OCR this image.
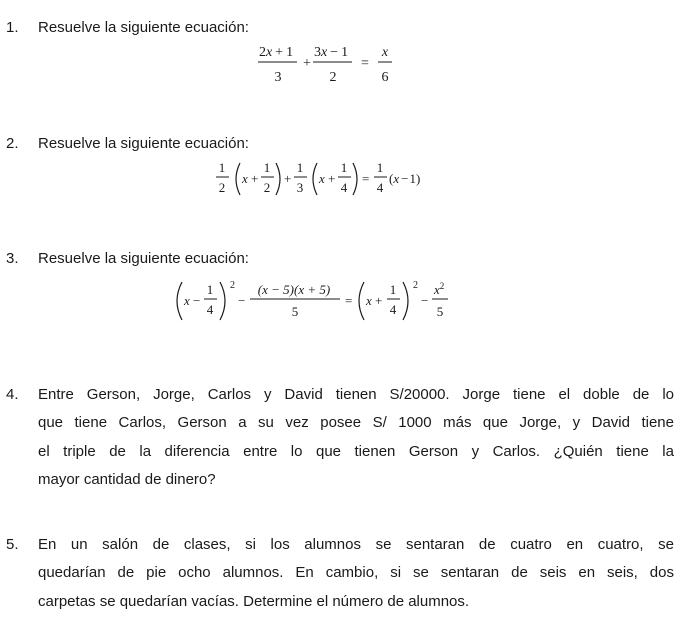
1. Resuelve la siguiente ecuación:
2x + 1
3
+
3x − 1
2
=
x
6
2. Resuelve la siguiente ecuación:
1
2
x +
1
2
+
1
3
x +
1
4
=
1
4
(x −1)
3. Resuelve la siguiente ecuación:
x −
1
4
2
−
(x − 5)(x + 5)
5
= x +
1
4
2
−
$x^2$
5
4. Entre Gerson, Jorge, Carlos y David tienen S/20000. Jorge tiene el doble de lo
que tiene Carlos, Gerson a su vez posee S/ 1000 más que Jorge, y David tiene
el triple de la diferencia entre lo que tienen Gerson y Carlos. ¿Quién tiene la
mayor cantidad de dinero?
5. En un salón de clases, si los alumnos se sentaran de cuatro en cuatro, se
quedarían de pie ocho alumnos. En cambio, si se sentaran de seis en seis, dos
carpetas se quedarían vacías. Determine el número de alumnos.
